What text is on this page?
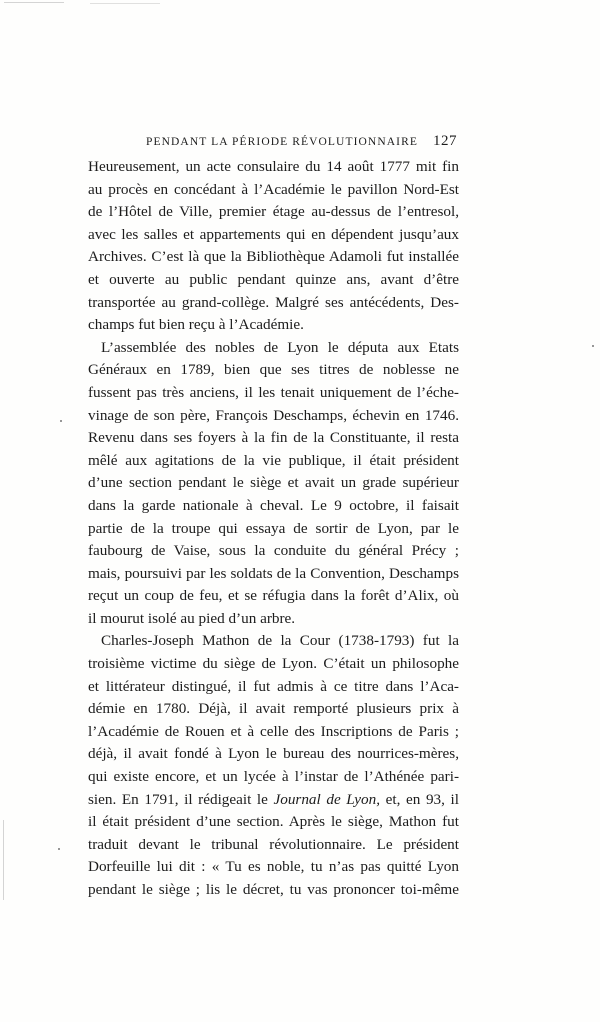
PENDANT LA PÉRIODE RÉVOLUTIONNAIRE 127
Heureusement, un acte consulaire du 14 août 1777 mit fin
au procès en concédant à l’Académie le pavillon Nord-Est
de l’Hôtel de Ville, premier étage au-dessus de l’entresol,
avec les salles et appartements qui en dépendent jusqu’aux
Archives. C’est là que la Bibliothèque Adamoli fut installée
et ouverte au public pendant quinze ans, avant d’être
transportée au grand-collège. Malgré ses antécédents, Des-
champs fut bien reçu à l’Académie.
L’assemblée des nobles de Lyon le députa aux Etats
Généraux en 1789, bien que ses titres de noblesse ne
fussent pas très anciens, il les tenait uniquement de l’éche-
vinage de son père, François Deschamps, échevin en 1746.
Revenu dans ses foyers à la fin de la Constituante, il resta
mêlé aux agitations de la vie publique, il était président
d’une section pendant le siège et avait un grade supérieur
dans la garde nationale à cheval. Le 9 octobre, il faisait
partie de la troupe qui essaya de sortir de Lyon, par le
faubourg de Vaise, sous la conduite du général Précy ;
mais, poursuivi par les soldats de la Convention, Deschamps
reçut un coup de feu, et se réfugia dans la forêt d’Alix, où
il mourut isolé au pied d’un arbre.
Charles-Joseph Mathon de la Cour (1738-1793) fut la
troisième victime du siège de Lyon. C’était un philosophe
et littérateur distingué, il fut admis à ce titre dans l’Aca-
démie en 1780. Déjà, il avait remporté plusieurs prix à
l’Académie de Rouen et à celle des Inscriptions de Paris ;
déjà, il avait fondé à Lyon le bureau des nourrices-mères,
qui existe encore, et un lycée à l’instar de l’Athénée pari-
sien. En 1791, il rédigeait le Journal de Lyon, et, en 93, il
il était président d’une section. Après le siège, Mathon fut
traduit devant le tribunal révolutionnaire. Le président
Dorfeuille lui dit : « Tu es noble, tu n’as pas quitté Lyon
pendant le siège ; lis le décret, tu vas prononcer toi-même
